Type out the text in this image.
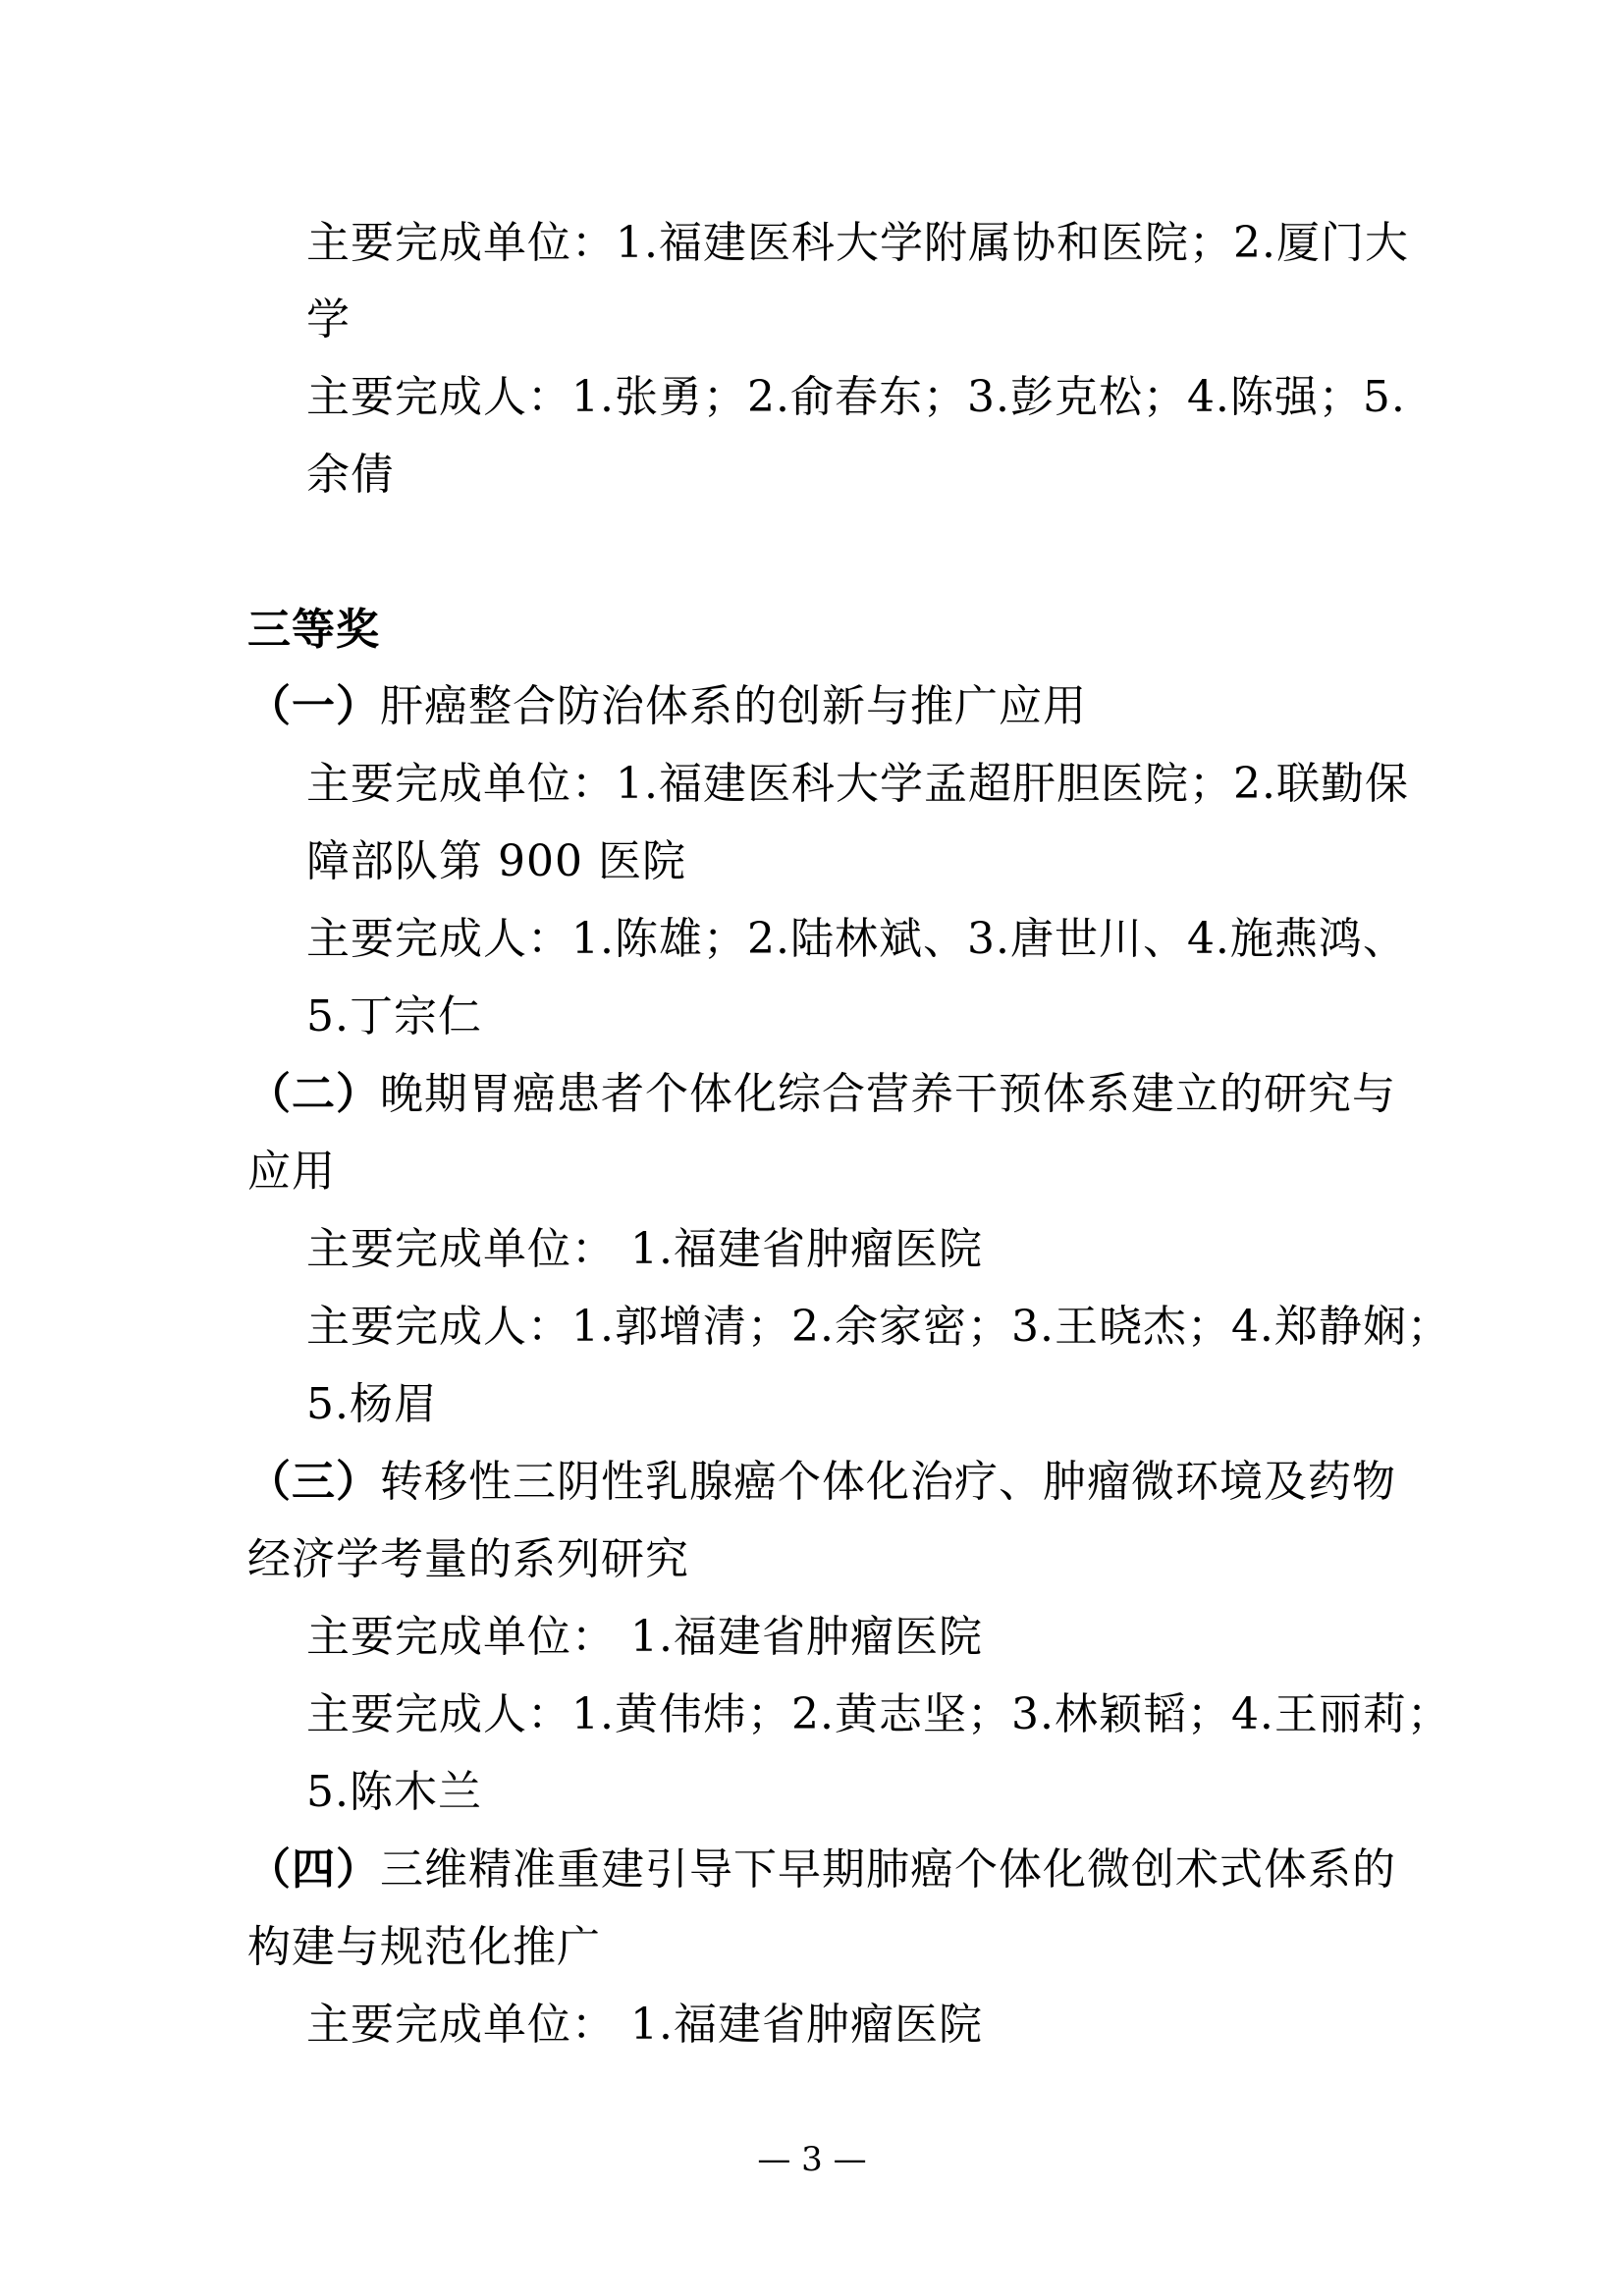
主要完成单位：1.福建医科大学附属协和医院；2.厦门大
学
主要完成人：1.张勇；2.俞春东；3.彭克松；4.陈强；5.
余倩
三等奖
（一）肝癌整合防治体系的创新与推广应用
主要完成单位：1.福建医科大学孟超肝胆医院；2.联勤保
障部队第 900 医院
主要完成人：1.陈雄；2.陆林斌、3.唐世川、4.施燕鸿、
5.丁宗仁
（二）晚期胃癌患者个体化综合营养干预体系建立的研究与
应用
主要完成单位： 1.福建省肿瘤医院
主要完成人：1.郭增清；2.余家密；3.王晓杰；4.郑静娴；
5.杨眉
（三）转移性三阴性乳腺癌个体化治疗、肿瘤微环境及药物
经济学考量的系列研究
主要完成单位： 1.福建省肿瘤医院
主要完成人：1.黄伟炜；2.黄志坚；3.林颖韬；4.王丽莉；
5.陈木兰
（四）三维精准重建引导下早期肺癌个体化微创术式体系的
构建与规范化推广
主要完成单位： 1.福建省肿瘤医院
— 3 —
